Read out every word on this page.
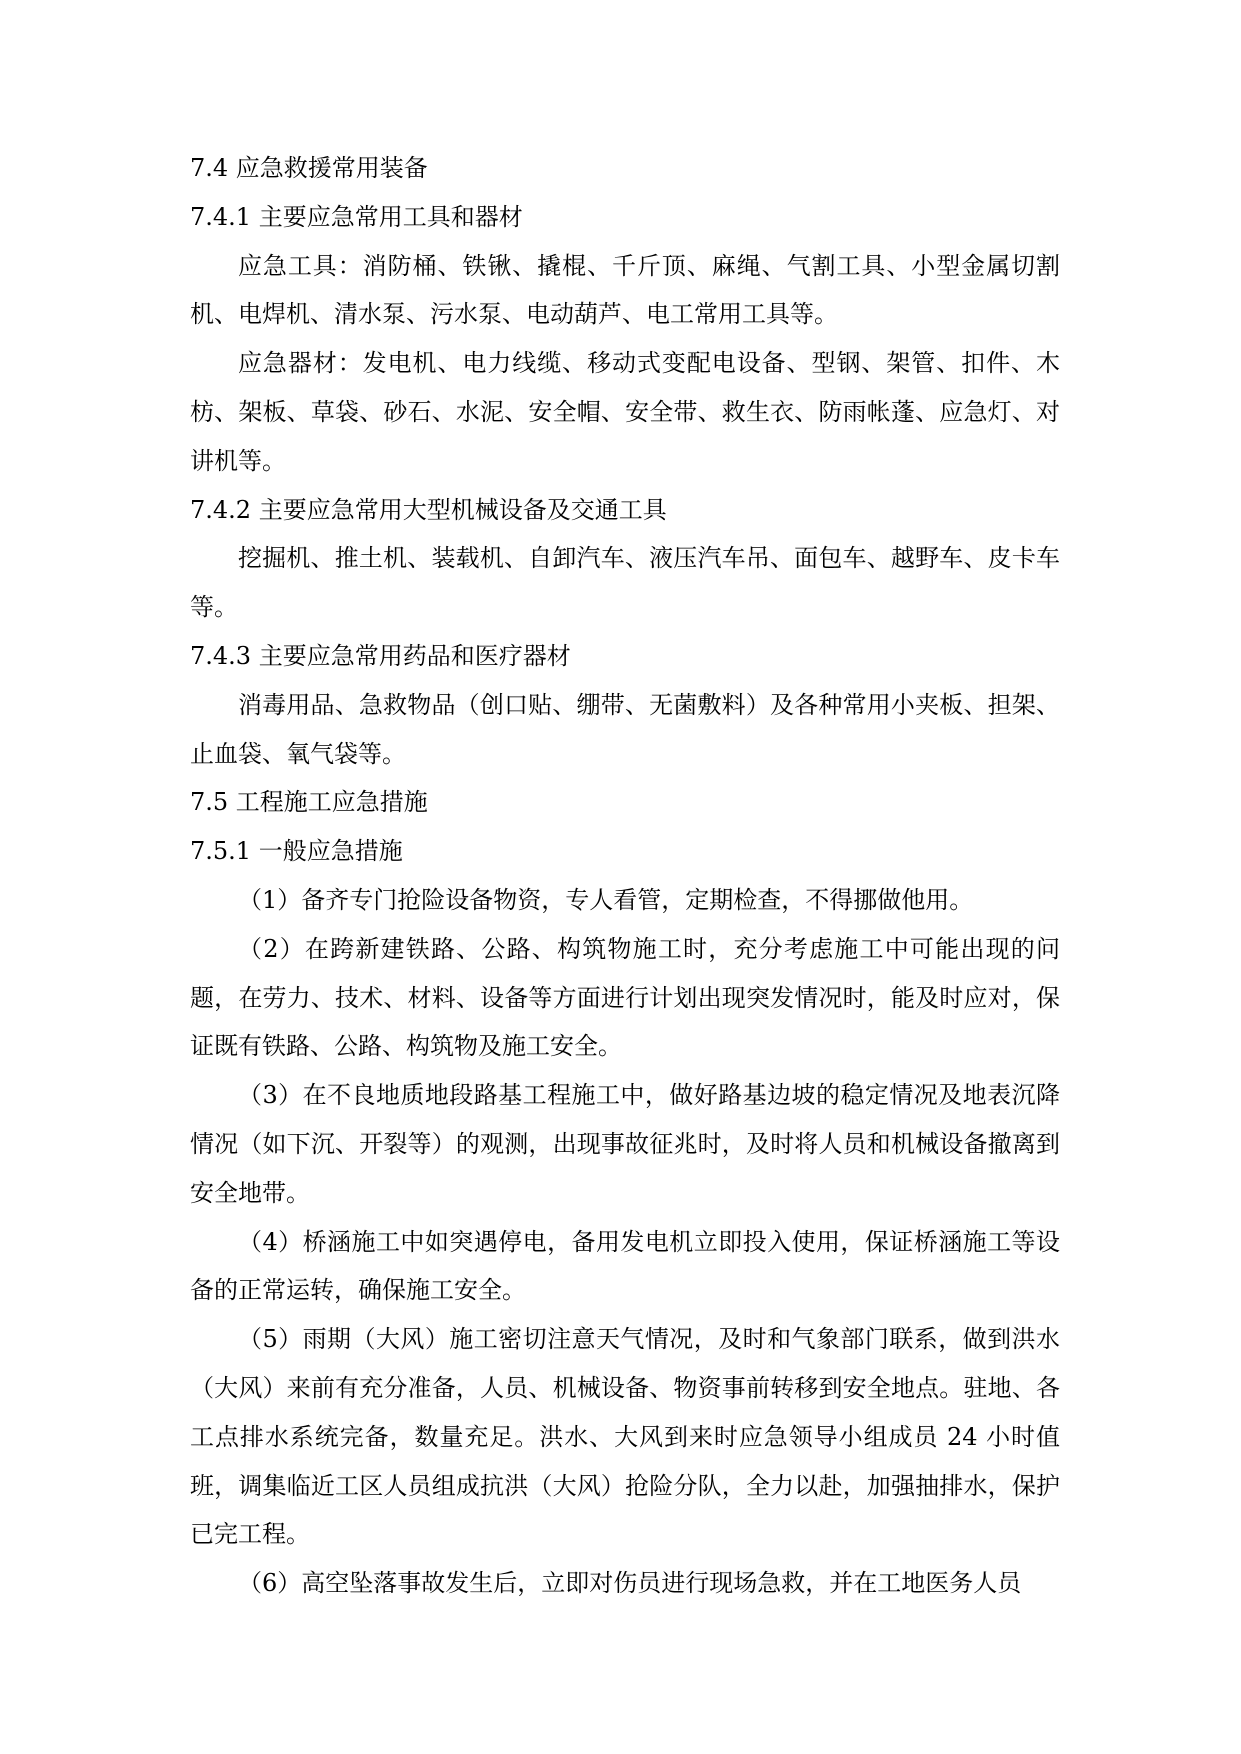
7.4 应急救援常用装备

7.4.1 主要应急常用工具和器材

应急工具：消防桶、铁锹、撬棍、千斤顶、麻绳、气割工具、小型金属切割机、电焊机、清水泵、污水泵、电动葫芦、电工常用工具等。

应急器材：发电机、电力线缆、移动式变配电设备、型钢、架管、扣件、木枋、架板、草袋、砂石、水泥、安全帽、安全带、救生衣、防雨帐蓬、应急灯、对讲机等。

7.4.2 主要应急常用大型机械设备及交通工具

挖掘机、推土机、装载机、自卸汽车、液压汽车吊、面包车、越野车、皮卡车等。

7.4.3 主要应急常用药品和医疗器材

消毒用品、急救物品（创口贴、绷带、无菌敷料）及各种常用小夹板、担架、止血袋、氧气袋等。

7.5 工程施工应急措施

7.5.1 一般应急措施

（1）备齐专门抢险设备物资，专人看管，定期检查，不得挪做他用。

（2）在跨新建铁路、公路、构筑物施工时，充分考虑施工中可能出现的问题，在劳力、技术、材料、设备等方面进行计划出现突发情况时，能及时应对，保证既有铁路、公路、构筑物及施工安全。

（3）在不良地质地段路基工程施工中，做好路基边坡的稳定情况及地表沉降情况（如下沉、开裂等）的观测，出现事故征兆时，及时将人员和机械设备撤离到安全地带。

（4）桥涵施工中如突遇停电，备用发电机立即投入使用，保证桥涵施工等设备的正常运转，确保施工安全。

（5）雨期（大风）施工密切注意天气情况，及时和气象部门联系，做到洪水（大风）来前有充分准备，人员、机械设备、物资事前转移到安全地点。驻地、各工点排水系统完备，数量充足。洪水、大风到来时应急领导小组成员 24 小时值班，调集临近工区人员组成抗洪（大风）抢险分队，全力以赴，加强抽排水，保护已完工程。

（6）高空坠落事故发生后，立即对伤员进行现场急救，并在工地医务人员
